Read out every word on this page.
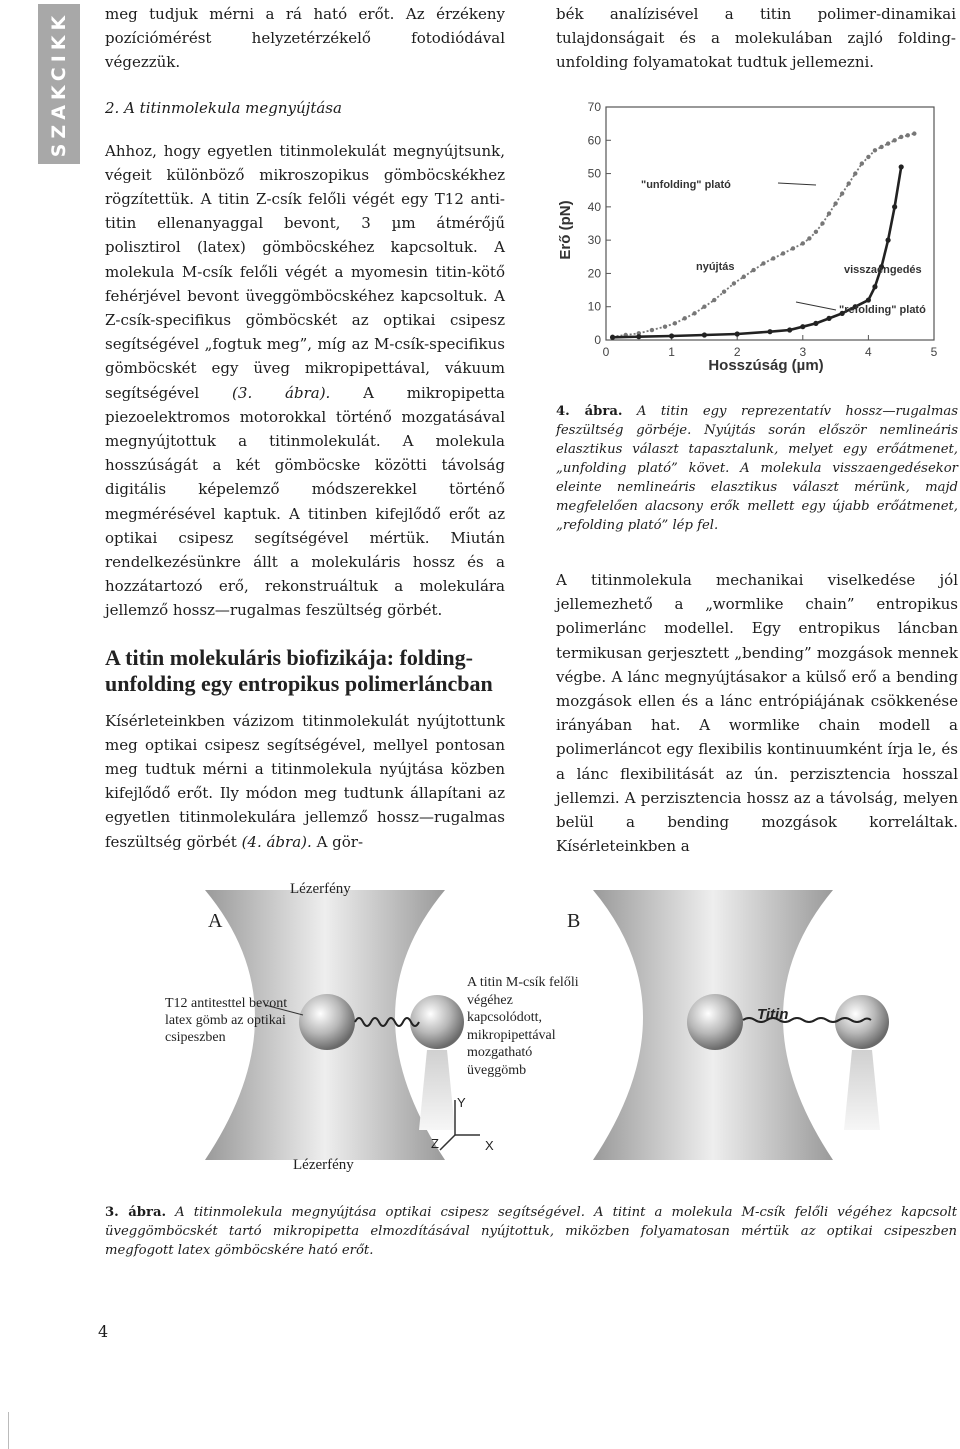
SZAKCIKK meg tudjuk mérni a rá ható erőt. Az érzékeny pozíciómérést helyzetérzékelő fotodiódával végezzük.

2. A titinmolekula megnyújtása

Ahhoz, hogy egyetlen titinmolekulát megnyújtsunk, végeit különböző mikroszopikus gömböcskékhez rögzítettük. A titin Z-csík felőli végét egy T12 anti-titin ellenanyaggal bevont, 3 µm átmérőjű polisztirol (latex) gömböcskéhez kapcsoltuk. A molekula M-csík felőli végét a myomesin titin-kötő fehérjével bevont üveggömböcskéhez kapcsoltuk. A Z-csík-specifikus gömböcskét az optikai csipesz segítségével „fogtuk meg”, míg az M-csík-specifikus gömböcskét egy üveg mikropipettával, vákuum segítségével (3. ábra). A mikropipetta piezoelektromos motorokkal történő mozgatásával megnyújtottuk a titinmolekulát. A molekula hosszúságát a két gömböcske közötti távolság digitális képelemző módszerekkel történő megmérésével kaptuk. A titinben kifejlődő erőt az optikai csipesz segítségével mértük. Miután rendelkezésünkre állt a molekuláris hossz és a hozzátartozó erő, rekonstruáltuk a molekulára jellemző hossz—rugalmas feszültség görbét.

A titin molekuláris biofizikája: folding-unfolding egy entropikus polimerláncban

Kísérleteinkben vázizom titinmolekulát nyújtottunk meg optikai csipesz segítségével, mellyel pontosan meg tudtuk mérni a titinmolekula nyújtása közben kifejlődő erőt. Ily módon meg tudtunk állapítani az egyetlen titinmolekulára jellemző hossz—rugalmas feszültség görbét (4. ábra). A gör-

bék analízisével a titin polimer-dinamikai tulajdonságait és a molekulában zajló folding-unfolding folyamatokat tudtuk jellemezni.

0	1	2	3	4	5
0
10
20
30
40
50
60
70
"unfolding" plató
nyújtás	visszaengedés
"refolding" plató
Erő (pN)
Hosszúság (µm)
4. ábra. A titin egy reprezentatív hossz—rugalmas feszültség görbéje. Nyújtás során először nemlineáris elasztikus választ tapasztalunk, melyet egy erőátmenet, „unfolding plató” követ. A molekula visszaengedésekor eleinte nemlineáris elasztikus választ mérünk, majd megfelelően alacsony erők mellett egy újabb erőátmenet, „refolding plató” lép fel.

A titinmolekula mechanikai viselkedése jól jellemezhető a „wormlike chain” entropikus polimerlánc modellel. Egy entropikus láncban termikusan gerjesztett „bending” mozgások mennek végbe. A lánc megnyújtásakor a külső erő a bending mozgások ellen és a lánc entrópiájának csökkenése irányában hat. A wormlike chain modell a polimerláncot egy flexibilis kontinuumként írja le, és a lánc flexibilitását az ún. perzisztencia hosszal jellemzi. A perzisztencia hossz az a távolság, melyen belül a bending mozgások korreláltak. Kísérleteinkben a

A	B
Lézerfény
Lézerfény
Titin
Y
Z	X
T12 antitesttel bevont latex gömb az optikai csipeszben
A titin M-csík felőli végéhez kapcsolódott, mikropipettával mozgatható üveggömb
3. ábra. A titinmolekula megnyújtása optikai csipesz segítségével. A titint a molekula M-csík felőli végéhez kapcsolt üveggömböcskét tartó mikropipetta elmozdításával nyújtottuk, miközben folyamatosan mértük az optikai csipeszben megfogott latex gömböcskére ható erőt.
4
